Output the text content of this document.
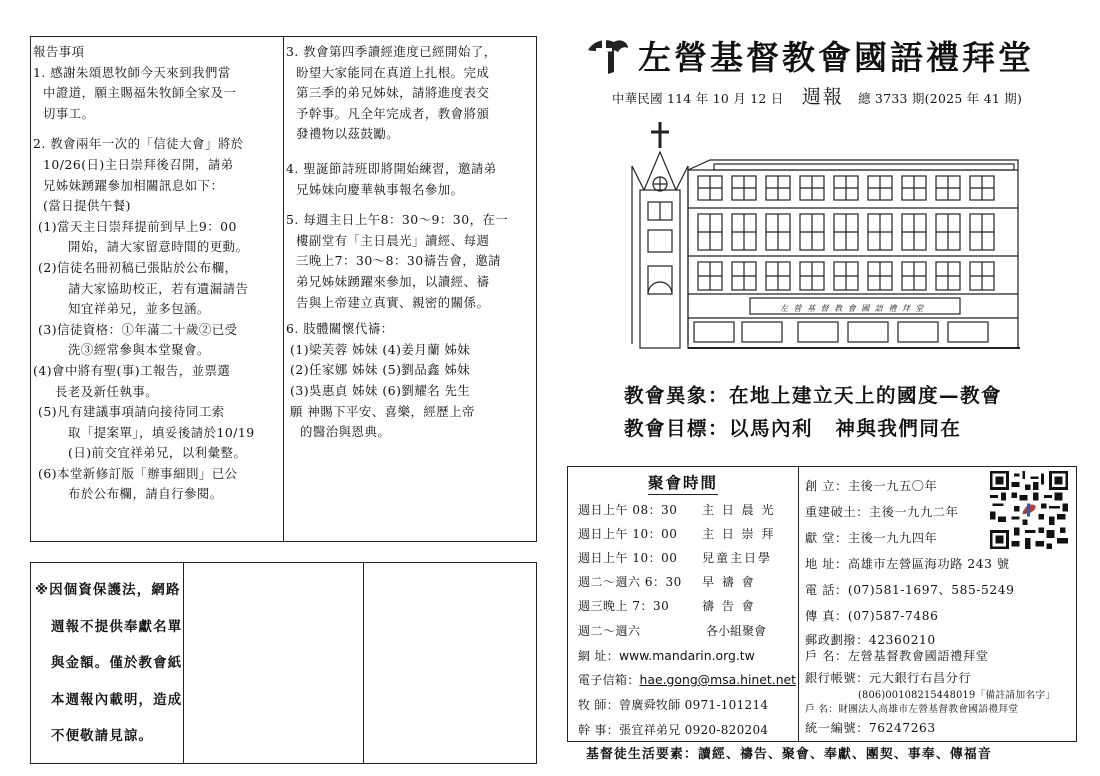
報告事項
1. 感謝朱頌恩牧師今天來到我們當
中證道，願主賜福朱牧師全家及一
切事工。
2. 教會兩年一次的「信徒大會」將於
10/26(日)主日崇拜後召開，請弟
兄姊妹踴躍參加相關訊息如下：
(當日提供午餐)
(1)當天主日崇拜提前到早上9：00
開始，請大家留意時間的更動。
(2)信徒名冊初稿已張貼於公布欄，
請大家協助校正，若有遺漏請告
知宜祥弟兄，並多包涵。
(3)信徒資格：①年滿二十歲②已受
洗③經常參與本堂聚會。
(4)會中將有聖(事)工報告，並票選
長老及新任執事。
(5)凡有建議事項請向接待同工索
取「提案單」，填妥後請於10/19
(日)前交宜祥弟兄，以利彙整。
(6)本堂新修訂版「辦事細則」已公
布於公布欄，請自行參閱。
3. 教會第四季讀經進度已經開始了，
盼望大家能同在真道上扎根。完成
第三季的弟兄姊妹，請將進度表交
予幹事。凡全年完成者，教會將頒
發禮物以茲鼓勵。
4. 聖誕節詩班即將開始練習，邀請弟
兄姊妹向慶華執事報名參加。
5. 每週主日上午8：30～9：30，在一
樓副堂有「主日晨光」讀經、每週
三晚上7：30～8：30禱告會，邀請
弟兄姊妹踴躍來參加，以讀經、禱
告與上帝建立真實、親密的關係。
6. 肢體關懷代禱：
(1)梁芙蓉 姊妹 (4)姜月蘭 姊妹
(2)任家娜 姊妹 (5)劉品鑫 姊妹
(3)吳惠貞 姊妹 (6)劉耀名 先生
願 神賜下平安、喜樂，經歷上帝
的醫治與恩典。
※因個資保護法，網路
週報不提供奉獻名單
與金額。僅於教會紙
本週報內載明，造成
不便敬請見諒。
左營基督教會國語禮拜堂
中華民國 114 年 10 月 12 日 週報 總 3733 期(2025 年 41 期)
左 營 基 督 教 會 國 語 禮 拜 堂
教會異象：在地上建立天上的國度—教會
教會目標：以馬內利 神與我們同在
聚會時間
週日上午 08：30	主 日 晨 光
週日上午 10：00	主 日 崇 拜
週日上午 10：00	兒童主日學
週二～週六 6：30	早 禱 會
週三晚上 7：30	禱 告 會
週二～週六	各小組聚會
網 址：www.mandarin.org.tw
電子信箱：hae.gong@msa.hinet.net
牧 師：曾廣舜牧師 0971-101214
幹 事：張宜祥弟兄 0920-820204
創 立：主後一九五〇年
重建破土：主後一九九二年
獻 堂：主後一九九四年
地 址：高雄市左營區海功路 243 號
電 話：(07)581-1697、585-5249
傳 真：(07)587-7486
郵政劃撥：42360210
戶 名：左營基督教會國語禮拜堂
銀行帳號：元大銀行右昌分行
(806)00108215448019「備註請加名字」
戶 名：財團法人高雄市左營基督教會國語禮拜堂
統一編號：76247263
基督徒生活要素：讀經、禱告、聚會、奉獻、團契、事奉、傳福音
